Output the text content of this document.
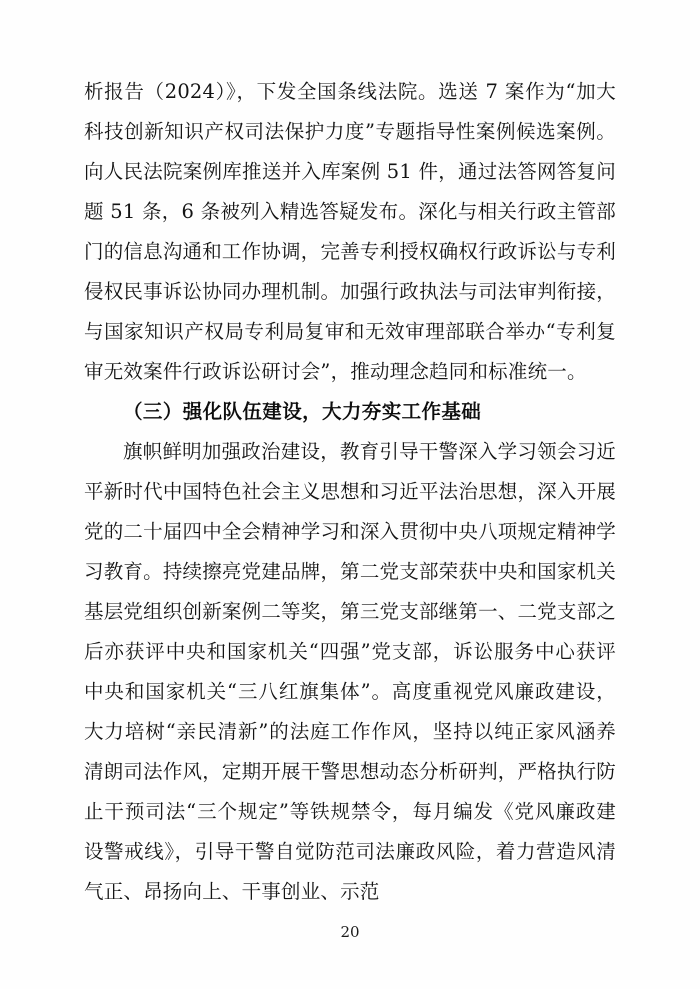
析报告（2024）》，下发全国条线法院。选送 7 案作为“加大科技创新知识产权司法保护力度”专题指导性案例候选案例。向人民法院案例库推送并入库案例 51 件，通过法答网答复问题 51 条，6 条被列入精选答疑发布。深化与相关行政主管部门的信息沟通和工作协调，完善专利授权确权行政诉讼与专利侵权民事诉讼协同办理机制。加强行政执法与司法审判衔接，与国家知识产权局专利局复审和无效审理部联合举办“专利复审无效案件行政诉讼研讨会”，推动理念趋同和标准统一。

（三）强化队伍建设，大力夯实工作基础

旗帜鲜明加强政治建设，教育引导干警深入学习领会习近平新时代中国特色社会主义思想和习近平法治思想，深入开展党的二十届四中全会精神学习和深入贯彻中央八项规定精神学习教育。持续擦亮党建品牌，第二党支部荣获中央和国家机关基层党组织创新案例二等奖，第三党支部继第一、二党支部之后亦获评中央和国家机关“四强”党支部，诉讼服务中心获评中央和国家机关“三八红旗集体”。高度重视党风廉政建设，大力培树“亲民清新”的法庭工作作风，坚持以纯正家风涵养清朗司法作风，定期开展干警思想动态分析研判，严格执行防止干预司法“三个规定”等铁规禁令，每月编发《党风廉政建设警戒线》，引导干警自觉防范司法廉政风险，着力营造风清气正、昂扬向上、干事创业、示范

20
